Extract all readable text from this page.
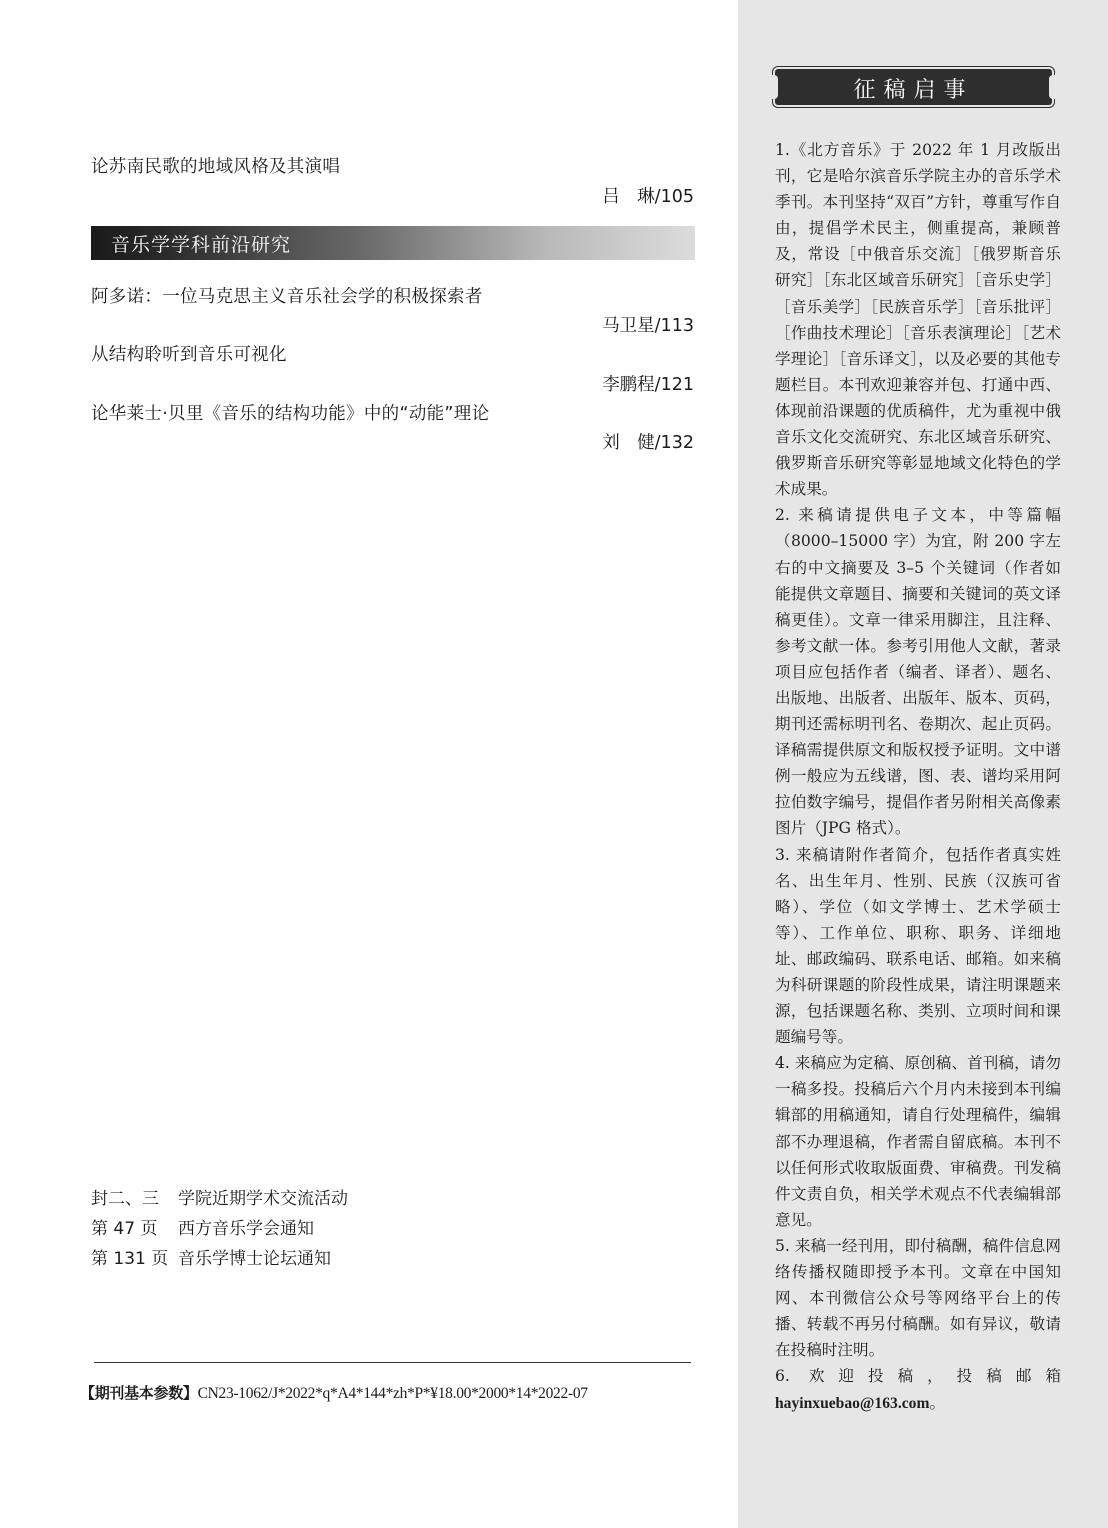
论苏南民歌的地域风格及其演唱
吕　琳/105
音乐学学科前沿研究
阿多诺：一位马克思主义音乐社会学的积极探索者
马卫星/113
从结构聆听到音乐可视化
李鹏程/121
论华莱士·贝里《音乐的结构功能》中的“动能”理论
刘　健/132
封二、三	学院近期学术交流活动
第 47 页	西方音乐学会通知
第 131 页 音乐学博士论坛通知
【期刊基本参数】CN23-1062/J*2022*q*A4*144*zh*P*¥18.00*2000*14*2022-07
征稿启事

1.《北方音乐》于 2022 年 1 月改版出刊，它是哈尔滨音乐学院主办的音乐学术季刊。本刊坚持“双百”方针，尊重写作自由，提倡学术民主，侧重提高，兼顾普及，常设［中俄音乐交流］［俄罗斯音乐研究］［东北区域音乐研究］［音乐史学］［音乐美学］［民族音乐学］［音乐批评］［作曲技术理论］［音乐表演理论］［艺术学理论］［音乐译文］，以及必要的其他专题栏目。本刊欢迎兼容并包、打通中西、体现前沿课题的优质稿件，尤为重视中俄音乐文化交流研究、东北区域音乐研究、俄罗斯音乐研究等彰显地域文化特色的学术成果。

2. 来稿请提供电子文本，中等篇幅（8000–15000 字）为宜，附 200 字左右的中文摘要及 3–5 个关键词（作者如能提供文章题目、摘要和关键词的英文译稿更佳）。文章一律采用脚注，且注释、参考文献一体。参考引用他人文献，著录项目应包括作者（编者、译者）、题名、出版地、出版者、出版年、版本、页码，期刊还需标明刊名、卷期次、起止页码。译稿需提供原文和版权授予证明。文中谱例一般应为五线谱，图、表、谱均采用阿拉伯数字编号，提倡作者另附相关高像素图片（JPG 格式）。

3. 来稿请附作者简介，包括作者真实姓名、出生年月、性别、民族（汉族可省略）、学位（如文学博士、艺术学硕士等）、工作单位、职称、职务、详细地址、邮政编码、联系电话、邮箱。如来稿为科研课题的阶段性成果，请注明课题来源，包括课题名称、类别、立项时间和课题编号等。

4. 来稿应为定稿、原创稿、首刊稿，请勿一稿多投。投稿后六个月内未接到本刊编辑部的用稿通知，请自行处理稿件，编辑部不办理退稿，作者需自留底稿。本刊不以任何形式收取版面费、审稿费。刊发稿件文责自负，相关学术观点不代表编辑部意见。

5. 来稿一经刊用，即付稿酬，稿件信息网络传播权随即授予本刊。文章在中国知网、本刊微信公众号等网络平台上的传播、转载不再另付稿酬。如有异议，敬请在投稿时注明。

6. 欢迎投稿，投稿邮箱 hayinxuebao@163.com。
